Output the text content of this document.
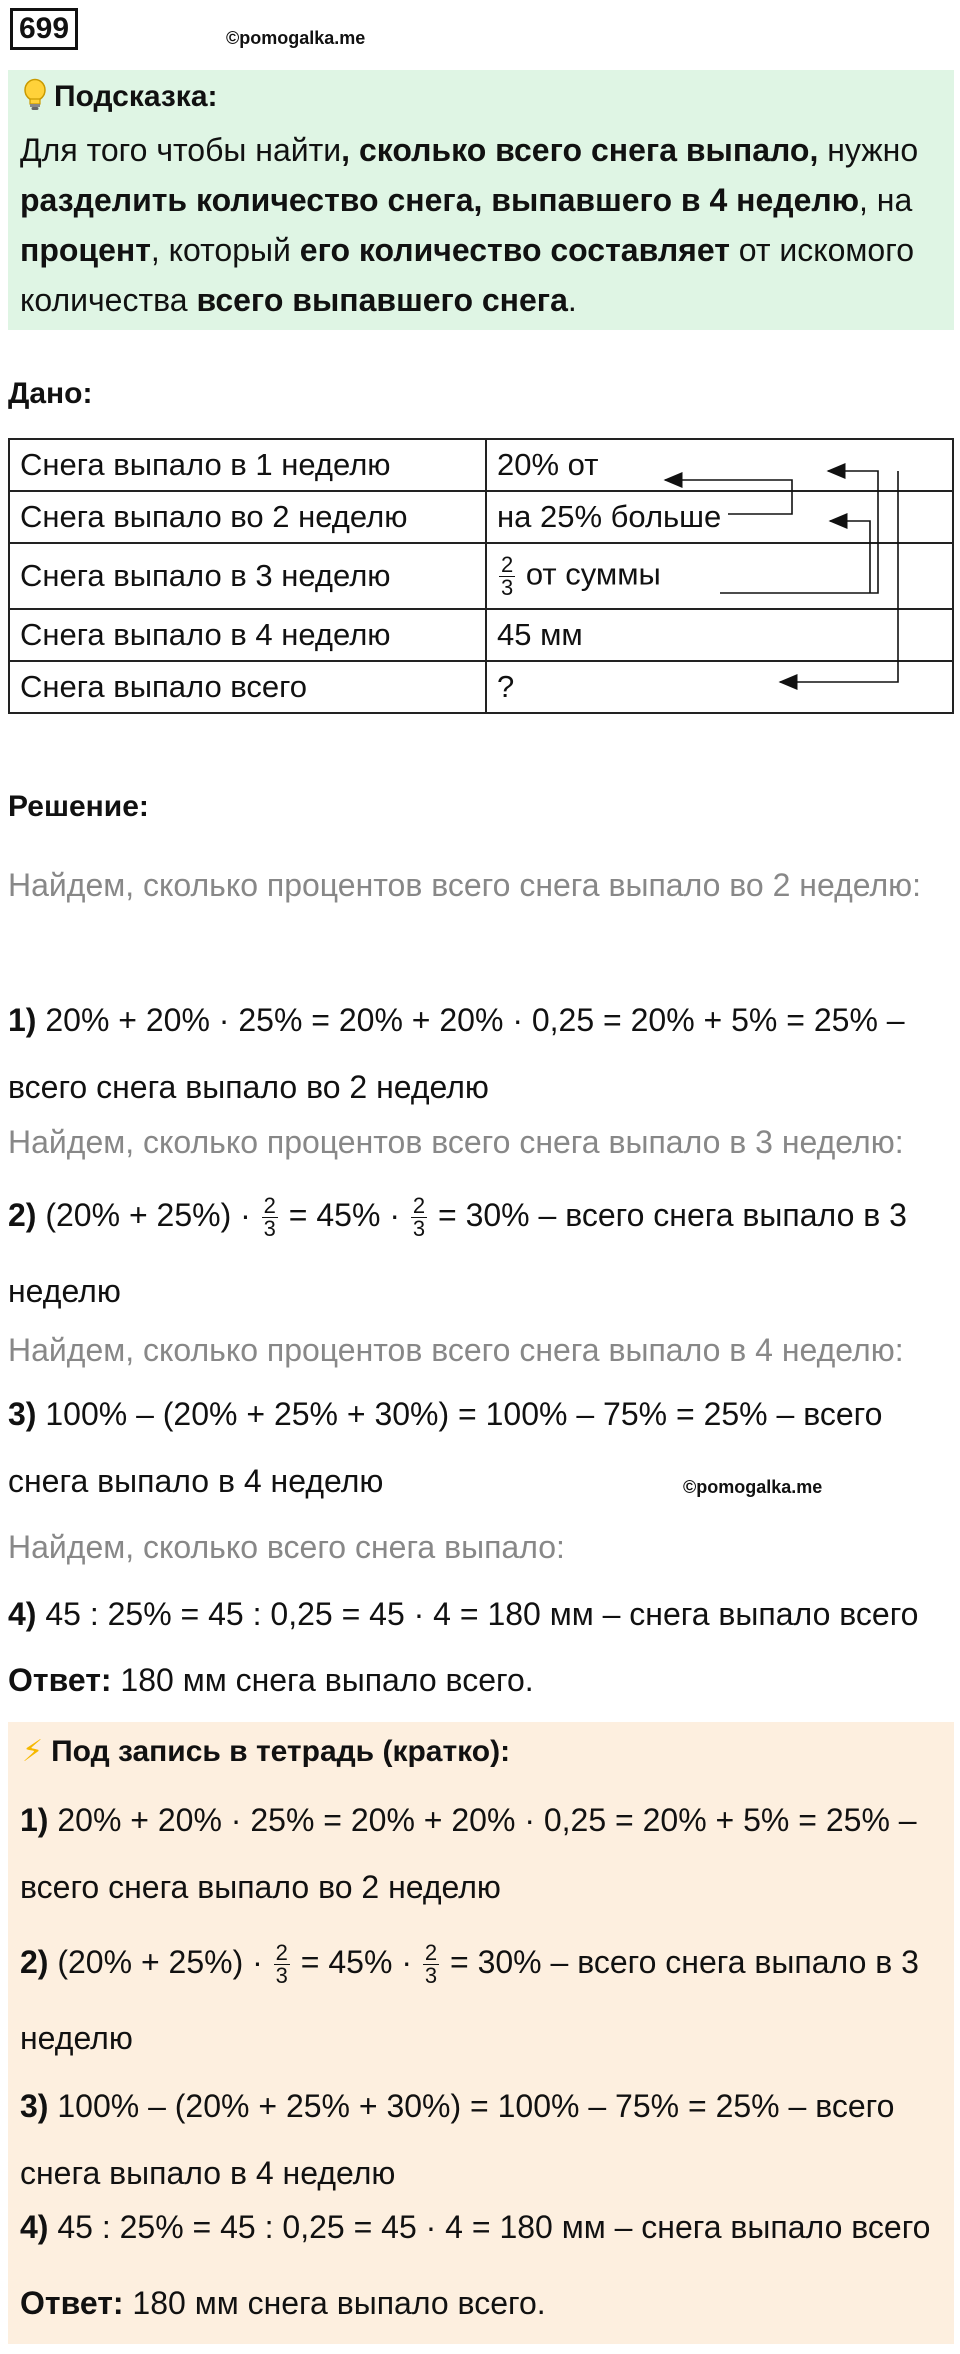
699	©pomogalka.me
Подсказка:
Для того чтобы найти, сколько всего снега выпало, нужно разделить количество снега, выпавшего в 4 неделю, на процент, который его количество составляет от искомого количества всего выпавшего снега.
Дано:
Снега выпало в 1 неделю	20% от
Снега выпало во 2 неделю	на 25% больше
Снега выпало в 3 неделю	$\frac{2}{3}$ от суммы
Снега выпало в 4 неделю	45 мм
Снега выпало всего	?
Решение:
Найдем, сколько процентов всего снега выпало во 2 неделю:
1) 20% + 20% · 25% = 20% + 20% · 0,25 = 20% + 5% = 25% – всего снега выпало во 2 неделю
Найдем, сколько процентов всего снега выпало в 3 неделю:
2) $(20\% + 25\%) \cdot \frac{2}{3} = 45\% \cdot \frac{2}{3} = 30\%$ – всего снега выпало в 3 неделю
Найдем, сколько процентов всего снега выпало в 4 неделю:
3) 100% – (20% + 25% + 30%) = 100% – 75% = 25% – всего снега выпало в 4 неделю	©pomogalka.me
Найдем, сколько всего снега выпало:
4) 45 : 25% = 45 : 0,25 = 45 · 4 = 180 мм – снега выпало всего
Ответ: 180 мм снега выпало всего.
⚡ Под запись в тетрадь (кратко):
1) 20% + 20% · 25% = 20% + 20% · 0,25 = 20% + 5% = 25% – всего снега выпало во 2 неделю
2) $(20\% + 25\%) \cdot \frac{2}{3} = 45\% \cdot \frac{2}{3} = 30\%$ – всего снега выпало в 3 неделю
3) 100% – (20% + 25% + 30%) = 100% – 75% = 25% – всего снега выпало в 4 неделю
4) 45 : 25% = 45 : 0,25 = 45 · 4 = 180 мм – снега выпало всего
Ответ: 180 мм снега выпало всего.
